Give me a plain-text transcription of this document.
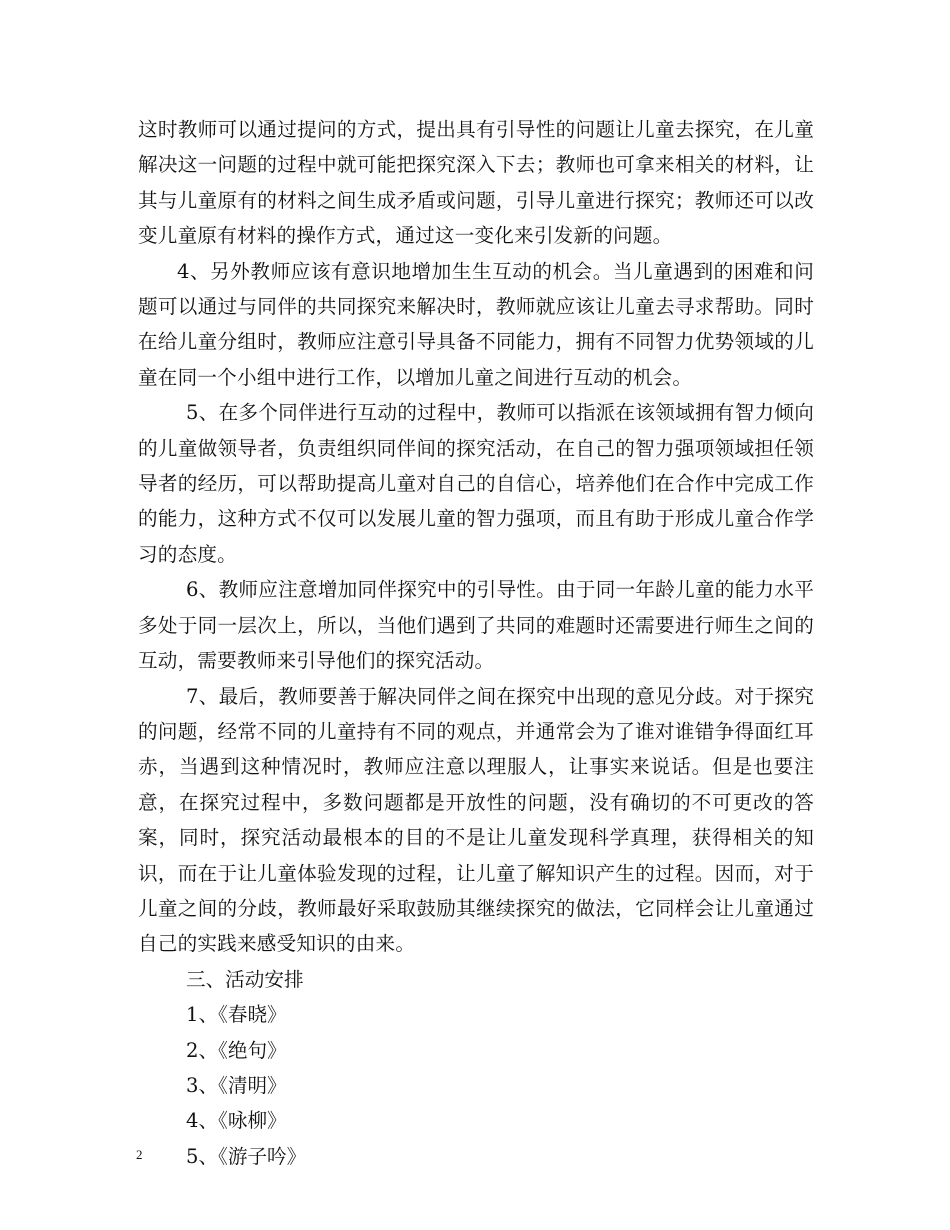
这时教师可以通过提问的方式，提出具有引导性的问题让儿童去探究，在儿童解决这一问题的过程中就可能把探究深入下去；教师也可拿来相关的材料，让其与儿童原有的材料之间生成矛盾或问题，引导儿童进行探究；教师还可以改变儿童原有材料的操作方式，通过这一变化来引发新的问题。

4、另外教师应该有意识地增加生生互动的机会。当儿童遇到的困难和问题可以通过与同伴的共同探究来解决时，教师就应该让儿童去寻求帮助。同时在给儿童分组时，教师应注意引导具备不同能力，拥有不同智力优势领域的儿童在同一个小组中进行工作，以增加儿童之间进行互动的机会。

5、在多个同伴进行互动的过程中，教师可以指派在该领域拥有智力倾向的儿童做领导者，负责组织同伴间的探究活动，在自己的智力强项领域担任领导者的经历，可以帮助提高儿童对自己的自信心，培养他们在合作中完成工作的能力，这种方式不仅可以发展儿童的智力强项，而且有助于形成儿童合作学习的态度。

6、教师应注意增加同伴探究中的引导性。由于同一年龄儿童的能力水平多处于同一层次上，所以，当他们遇到了共同的难题时还需要进行师生之间的互动，需要教师来引导他们的探究活动。

7、最后，教师要善于解决同伴之间在探究中出现的意见分歧。对于探究的问题，经常不同的儿童持有不同的观点，并通常会为了谁对谁错争得面红耳赤，当遇到这种情况时，教师应注意以理服人，让事实来说话。但是也要注意，在探究过程中，多数问题都是开放性的问题，没有确切的不可更改的答案，同时，探究活动最根本的目的不是让儿童发现科学真理，获得相关的知识，而在于让儿童体验发现的过程，让儿童了解知识产生的过程。因而，对于儿童之间的分歧，教师最好采取鼓励其继续探究的做法，它同样会让儿童通过自己的实践来感受知识的由来。

三、活动安排
1、《春晓》
2、《绝句》
3、《清明》
4、《咏柳》
5、《游子吟》
2
